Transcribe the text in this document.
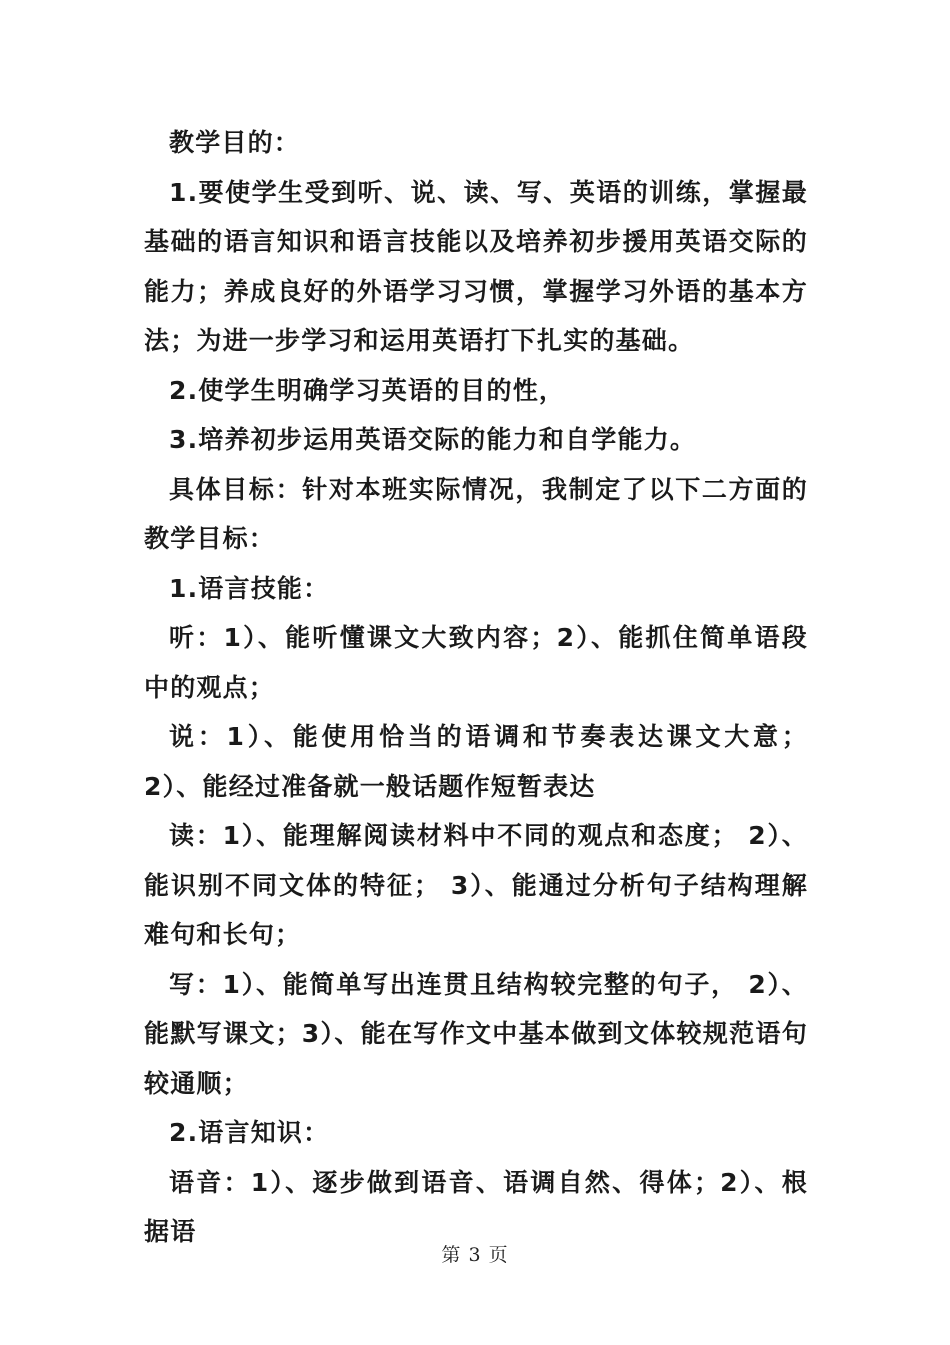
教学目的：

1.要使学生受到听、说、读、写、英语的训练，掌握最基础的语言知识和语言技能以及培养初步援用英语交际的能力；养成良好的外语学习习惯，掌握学习外语的基本方法；为进一步学习和运用英语打下扎实的基础。

2.使学生明确学习英语的目的性，

3.培养初步运用英语交际的能力和自学能力。

具体目标：针对本班实际情况，我制定了以下二方面的教学目标：

1.语言技能：

听：1）、能听懂课文大致内容；2）、能抓住简单语段中的观点；

说：1）、能使用恰当的语调和节奏表达课文大意； 2）、能经过准备就一般话题作短暂表达

读：1）、能理解阅读材料中不同的观点和态度； 2）、能识别不同文体的特征； 3）、能通过分析句子结构理解难句和长句；

写：1）、能简单写出连贯且结构较完整的句子， 2）、能默写课文；3）、能在写作文中基本做到文体较规范语句较通顺；

2.语言知识：

语音：1）、逐步做到语音、语调自然、得体；2）、根据语

第 3 页
